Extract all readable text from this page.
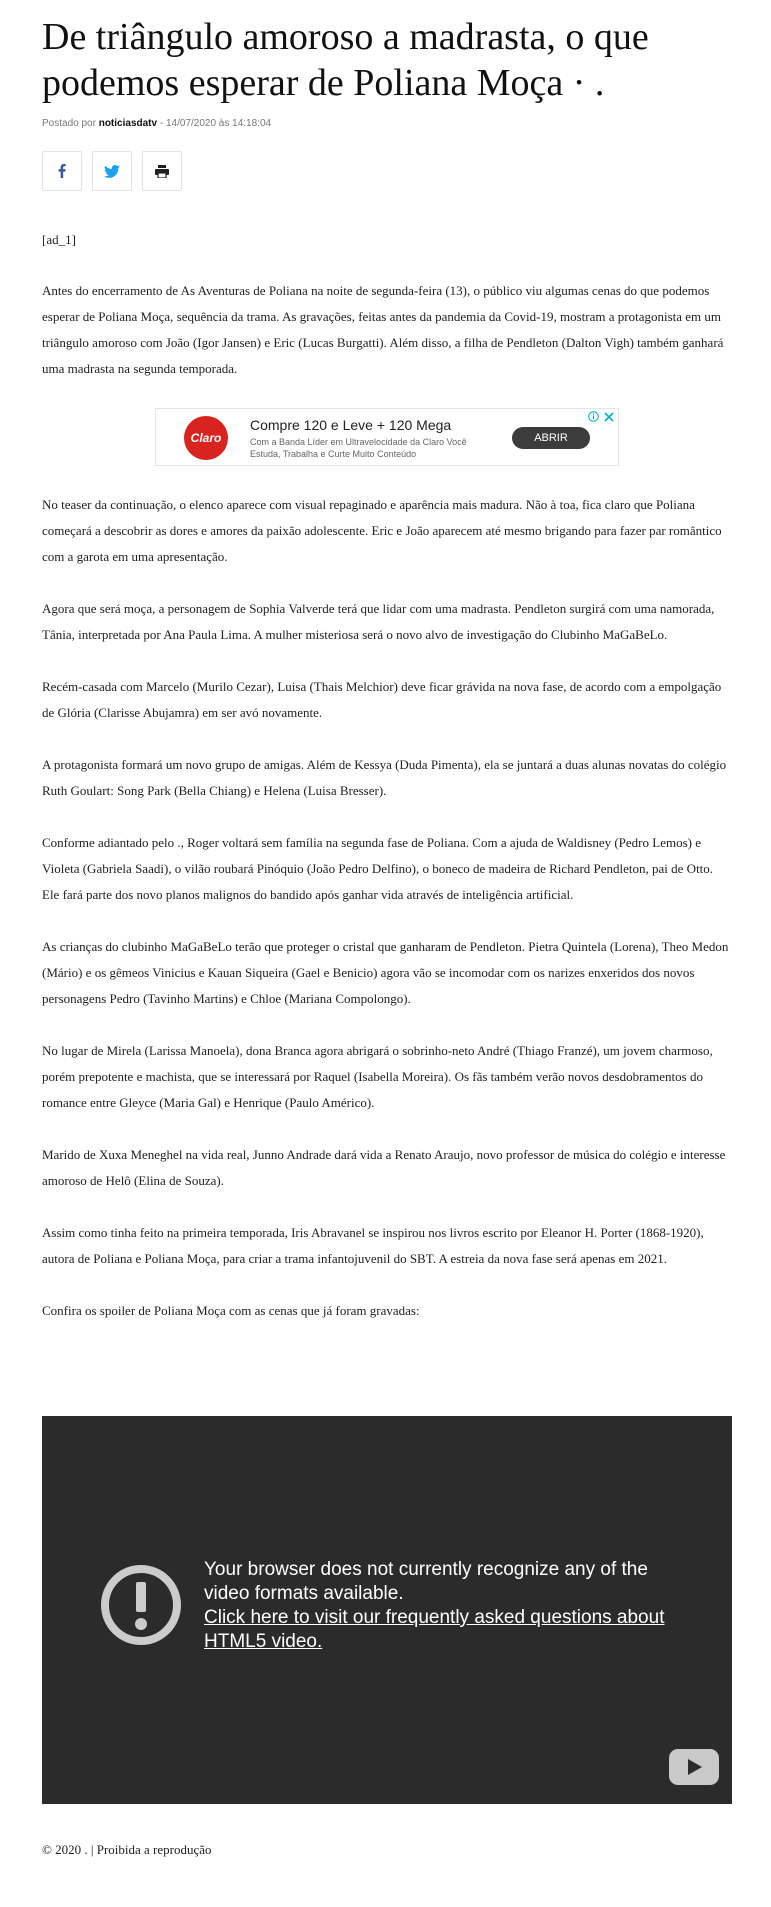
De triângulo amoroso a madrasta, o que podemos esperar de Poliana Moça · .
Postado por noticiasdatv - 14/07/2020 às 14:18:04

[ad_1]

Antes do encerramento de As Aventuras de Poliana na noite de segunda-feira (13), o público viu algumas cenas do que podemos esperar de Poliana Moça, sequência da trama. As gravações, feitas antes da pandemia da Covid-19, mostram a protagonista em um triângulo amoroso com João (Igor Jansen) e Eric (Lucas Burgatti). Além disso, a filha de Pendleton (Dalton Vigh) também ganhará uma madrasta na segunda temporada.

Claro
Compre 120 e Leve + 120 Mega
Com a Banda Líder em Ultravelocidade da Claro Você Estuda, Trabalha e Curte Muito Conteúdo
ABRIR

No teaser da continuação, o elenco aparece com visual repaginado e aparência mais madura. Não à toa, fica claro que Poliana começará a descobrir as dores e amores da paixão adolescente. Eric e João aparecem até mesmo brigando para fazer par romântico com a garota em uma apresentação.

Agora que será moça, a personagem de Sophia Valverde terá que lidar com uma madrasta. Pendleton surgirá com uma namorada, Tânia, interpretada por Ana Paula Lima. A mulher misteriosa será o novo alvo de investigação do Clubinho MaGaBeLo.

Recém-casada com Marcelo (Murilo Cezar), Luisa (Thais Melchior) deve ficar grávida na nova fase, de acordo com a empolgação de Glória (Clarisse Abujamra) em ser avó novamente.

A protagonista formará um novo grupo de amigas. Além de Kessya (Duda Pimenta), ela se juntará a duas alunas novatas do colégio Ruth Goulart: Song Park (Bella Chiang) e Helena (Luisa Bresser).

Conforme adiantado pelo ., Roger voltará sem família na segunda fase de Poliana. Com a ajuda de Waldisney (Pedro Lemos) e Violeta (Gabriela Saadi), o vilão roubará Pinóquio (João Pedro Delfino), o boneco de madeira de Richard Pendleton, pai de Otto. Ele fará parte dos novo planos malignos do bandido após ganhar vida através de inteligência artificial.

As crianças do clubinho MaGaBeLo terão que proteger o cristal que ganharam de Pendleton. Pietra Quintela (Lorena), Theo Medon (Mário) e os gêmeos Vinicius e Kauan Siqueira (Gael e Benicio) agora vão se incomodar com os narizes enxeridos dos novos personagens Pedro (Tavinho Martins) e Chloe (Mariana Compolongo).

No lugar de Mirela (Larissa Manoela), dona Branca agora abrigará o sobrinho-neto André (Thiago Franzé), um jovem charmoso, porém prepotente e machista, que se interessará por Raquel (Isabella Moreira). Os fãs também verão novos desdobramentos do romance entre Gleyce (Maria Gal) e Henrique (Paulo Américo).

Marido de Xuxa Meneghel na vida real, Junno Andrade dará vida a Renato Araujo, novo professor de música do colégio e interesse amoroso de Helô (Elina de Souza).

Assim como tinha feito na primeira temporada, Iris Abravanel se inspirou nos livros escrito por Eleanor H. Porter (1868-1920), autora de Poliana e Poliana Moça, para criar a trama infantojuvenil do SBT. A estreia da nova fase será apenas em 2021.

Confira os spoiler de Poliana Moça com as cenas que já foram gravadas:

Your browser does not currently recognize any of the video formats available.
Click here to visit our frequently asked questions about HTML5 video.
© 2020 . | Proibida a reprodução
